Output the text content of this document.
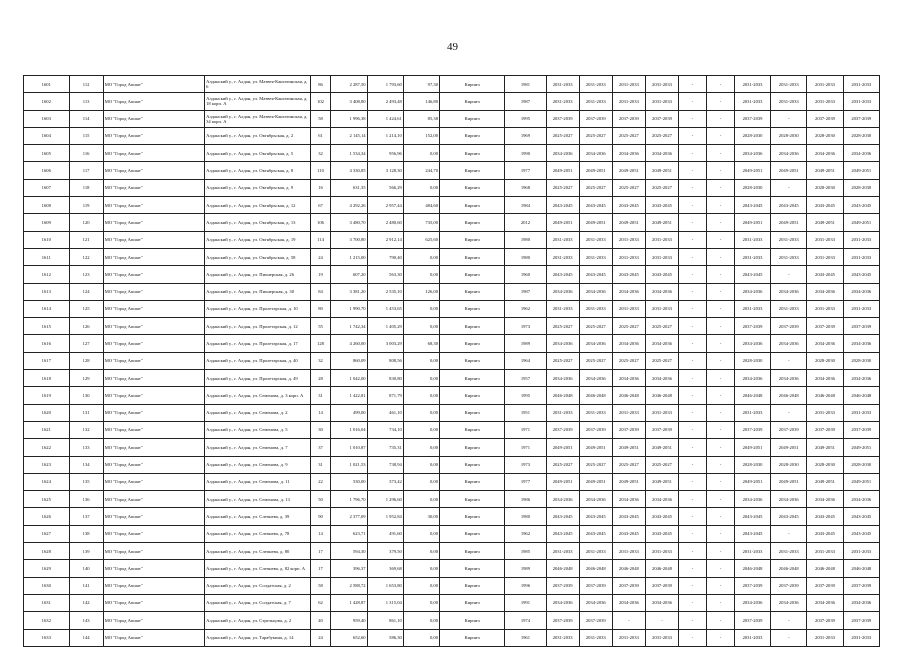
49
1601	112	МО "Город Апшат"	Алданский у., г. Алдан, ул. Матвея-Кангатинская, д. 6	86	2 287,50	1 793,60	97,30	Кирпич	1981	2031-2033	2031-2033	2031-2033	2031-2033	-	-	2031-2033	2031-2033	2031-2033	2031-2033
1602	113	МО "Город Апшат"	Алданский у., г. Алдан, ул. Матвея-Кангатинская, д. 18 корп. А	102	3 408,80	2 493,48	146,80	Кирпич	1987	2031-2033	2031-2033	2031-2033	2031-2033	-	-	2031-2033	2031-2033	2031-2033	2031-2033
1603	114	МО "Город Апшат"	Алданский у., г. Алдан, ул. Матвея-Кангатинская, д. 34 корп. А	58	1 996,38	1 424,61	85,38	Кирпич	1995	2037-2039	2037-2039	2037-2039	2037-2039	-	-	2037-2039	-	2037-2039	2037-2039
1604	115	МО "Город Апшат"	Алданский у., г. Алдан, ул. Октябрьская, д. 2	61	2 145,14	1 214,10	152,00	Кирпич	1969	2025-2027	2025-2027	2025-2027	2025-2027	-	-	2028-2030	2028-2030	2028-2030	2028-2030
1605	116	МО "Город Апшат"	Алданский у., г. Алдан, ул. Октябрьская, д. 5	32	1 534,34	956,96	0,00	Кирпич	1990	2034-2036	2034-2036	2034-2036	2034-2036	-	-	2034-2036	2034-2036	2034-2036	2034-2036
1606	117	МО "Город Апшат"	Алданский у., г. Алдан, ул. Октябрьская, д. 8	110	4 330,85	3 128,30	244,70	Кирпич	1977	2049-2051	2049-2051	2049-2051	2049-2051	-	-	2049-2051	2049-2051	2049-2051	2049-2051
1607	118	МО "Город Апшат"	Алданский у., г. Алдан, ул. Октябрьская, д. 9	16	631,35	566,29	0,00	Кирпич	1968	2025-2027	2025-2027	2025-2027	2025-2027	-	-	2028-2030	-	2028-2030	2028-2030
1608	119	МО "Город Апшат"	Алданский у., г. Алдан, ул. Октябрьская, д. 12	67	4 292,26	2 957,44	484,60	Кирпич	1984	2043-2045	2043-2045	2043-2045	2043-2045	-	-	2043-2045	2043-2045	2043-2045	2043-2045
1609	120	МО "Город Апшат"	Алданский у., г. Алдан, ул. Октябрьская, д. 13	106	3 480,70	2 480,60	735,00	Кирпич	2012	2049-2051	2049-2051	2049-2051	2049-2051	-	-	2049-2051	2049-2051	2049-2051	2049-2051
1610	121	МО "Город Апшат"	Алданский у., г. Алдан, ул. Октябрьская, д. 19	114	3 700,80	2 912,14	625,60	Кирпич	1980	2031-2033	2031-2033	2031-2033	2031-2033	-	-	2031-2033	2031-2033	2031-2033	2031-2033
1611	122	МО "Город Апшат"	Алданский у., г. Алдан, ул. Октябрьская, д. 58	24	1 215,00	790,40	0,00	Кирпич	1980	2031-2033	2031-2033	2031-2033	2031-2033	-	-	2031-2033	2031-2033	2031-2033	2031-2033
1612	123	МО "Город Апшат"	Алданский у., г. Алдан, ул. Пионерская, д. 26	19	607,20	563,30	0,00	Кирпич	1960	2043-2045	2043-2045	2043-2045	2043-2045	-	-	2043-2045	-	2043-2045	2043-2045
1613	124	МО "Город Апшат"	Алданский у., г. Алдан, ул. Пионерская, д. 30	84	3 381,20	2 535,10	126,00	Кирпич	1987	2034-2036	2034-2036	2034-2036	2034-2036	-	-	2034-2036	2034-2036	2034-2036	2034-2036
1614	125	МО "Город Апшат"	Алданский у., г. Алдан, ул. Пролетарская, д. 10	80	1 990,70	1 453,65	0,00	Кирпич	1962	2031-2033	2031-2033	2031-2033	2031-2033	-	-	2031-2033	2031-2033	2031-2033	2031-2033
1615	126	МО "Город Апшат"	Алданский у., г. Алдан, ул. Пролетарская, д. 12	55	1 742,34	1 405,29	0,00	Кирпич	1973	2025-2027	2025-2027	2025-2027	2025-2027	-	-	2037-2039	2037-2039	2037-2039	2037-2039
1616	127	МО "Город Апшат"	Алданский у., г. Алдан, ул. Пролетарская, д. 17	128	4 260,00	3 003,29	68,30	Кирпич	1989	2034-2036	2034-2036	2034-2036	2034-2036	-	-	2034-2036	2034-2036	2034-2036	2034-2036
1617	128	МО "Город Апшат"	Алданский у., г. Алдан, ул. Пролетарская, д. 40	32	860,09	808,56	0,00	Кирпич	1964	2025-2027	2025-2027	2025-2027	2025-2027	-	-	2028-2030	-	2028-2030	2028-2030
1618	129	МО "Город Апшат"	Алданский у., г. Алдан, ул. Пролетарская, д. 49	28	1 042,00	830,80	0,00	Кирпич	1957	2034-2036	2034-2036	2034-2036	2034-2036	-	-	2034-2036	2034-2036	2034-2036	2034-2036
1619	130	МО "Город Апшат"	Алданский у., г. Алдан, ул. Семенова, д. 3 корп. А	31	1 422,81	871,79	0,00	Кирпич	1995	2046-2048	2046-2048	2046-2048	2046-2048	-	-	2046-2048	2046-2048	2046-2048	2046-2048
1620	131	МО "Город Апшат"	Алданский у., г. Алдан, ул. Семенова, д. 2	14	499,00	461,10	0,00	Кирпич	1951	2031-2033	2031-2033	2031-2033	2031-2033	-	-	2031-2033	-	2031-2033	2031-2033
1621	132	МО "Город Апшат"	Алданский у., г. Алдан, ул. Семенова, д. 5	30	1 016,04	734,10	0,00	Кирпич	1971	2037-2039	2037-2039	2037-2039	2037-2039	-	-	2037-2039	2037-2039	2037-2039	2037-2039
1622	133	МО "Город Апшат"	Алданский у., г. Алдан, ул. Семенова, д. 7	37	1 010,87	735,31	0,00	Кирпич	1971	2049-2051	2049-2051	2049-2051	2049-2051	-	-	2049-2051	2049-2051	2049-2051	2049-2051
1623	134	МО "Город Апшат"	Алданский у., г. Алдан, ул. Семенова, д. 9	31	1 021,53	738,94	0,00	Кирпич	1973	2025-2027	2025-2027	2025-2027	2025-2027	-	-	2028-2030	2028-2030	2028-2030	2028-2030
1624	135	МО "Город Апшат"	Алданский у., г. Алдан, ул. Семенова, д. 11	22	530,00	373,42	0,00	Кирпич	1977	2049-2051	2049-2051	2049-2051	2049-2051	-	-	2049-2051	2049-2051	2049-2051	2049-2051
1625	136	МО "Город Апшат"	Алданский у., г. Алдан, ул. Семенова, д. 13	50	1 796,70	1 296,60	0,00	Кирпич	1986	2034-2036	2034-2036	2034-2036	2034-2036	-	-	2034-2036	2034-2036	2034-2036	2034-2036
1626	137	МО "Город Апшат"	Алданский у., г. Алдан, ул. Слепнева, д. 39	90	2 377,09	1 952,84	30,00	Кирпич	1980	2043-2045	2043-2045	2043-2045	2043-2045	-	-	2043-2045	2043-2045	2043-2045	2043-2045
1627	138	МО "Город Апшат"	Алданский у., г. Алдан, ул. Слепнева, д. 78	14	623,71	491,60	0,00	Кирпич	1962	2043-2045	2043-2045	2043-2045	2043-2045	-	-	2043-2045	-	2043-2045	2043-2045
1628	139	МО "Город Апшат"	Алданский у., г. Алдан, ул. Слепнева, д. 80	17	594,30	379,50	0,00	Кирпич	1985	2031-2033	2031-2033	2031-2033	2031-2033	-	-	2031-2033	2031-2033	2031-2033	2031-2033
1629	140	МО "Город Апшат"	Алданский у., г. Алдан, ул. Слепнева, д. 82 корп. А	17	396,37	369,68	0,00	Кирпич	1989	2046-2048	2046-2048	2046-2048	2046-2048	-	-	2046-2048	2046-2048	2046-2048	2046-2048
1630	141	МО "Город Апшат"	Алданский у., г. Алдан, ул. Солдатская, д. 2	58	2 588,72	1 653,80	0,00	Кирпич	1996	2037-2039	2037-2039	2037-2039	2037-2039	-	-	2037-2039	2037-2039	2037-2039	2037-2039
1631	142	МО "Город Апшат"	Алданский у., г. Алдан, ул. Солдатская, д. 7	62	1 428,87	1 315,04	0,00	Кирпич	1991	2034-2036	2034-2036	2034-2036	2034-2036	-	-	2034-2036	2034-2036	2034-2036	2034-2036
1632	143	МО "Город Апшат"	Алданский у., г. Алдан, ул. Стрельцова, д. 2	40	959,40	861,10	0,00	Кирпич	1974	2037-2039	2037-2039	-	-	-	-	2037-2039	-	2037-2039	2037-2039
1633	144	МО "Город Апшат"	Алданский у., г. Алдан, ул. Тарабукина, д. 14	24	652,60	586,30	0,00	Кирпич	1961	2031-2033	2031-2033	2031-2033	2031-2033	-	-	2031-2033	-	2031-2033	2031-2033
